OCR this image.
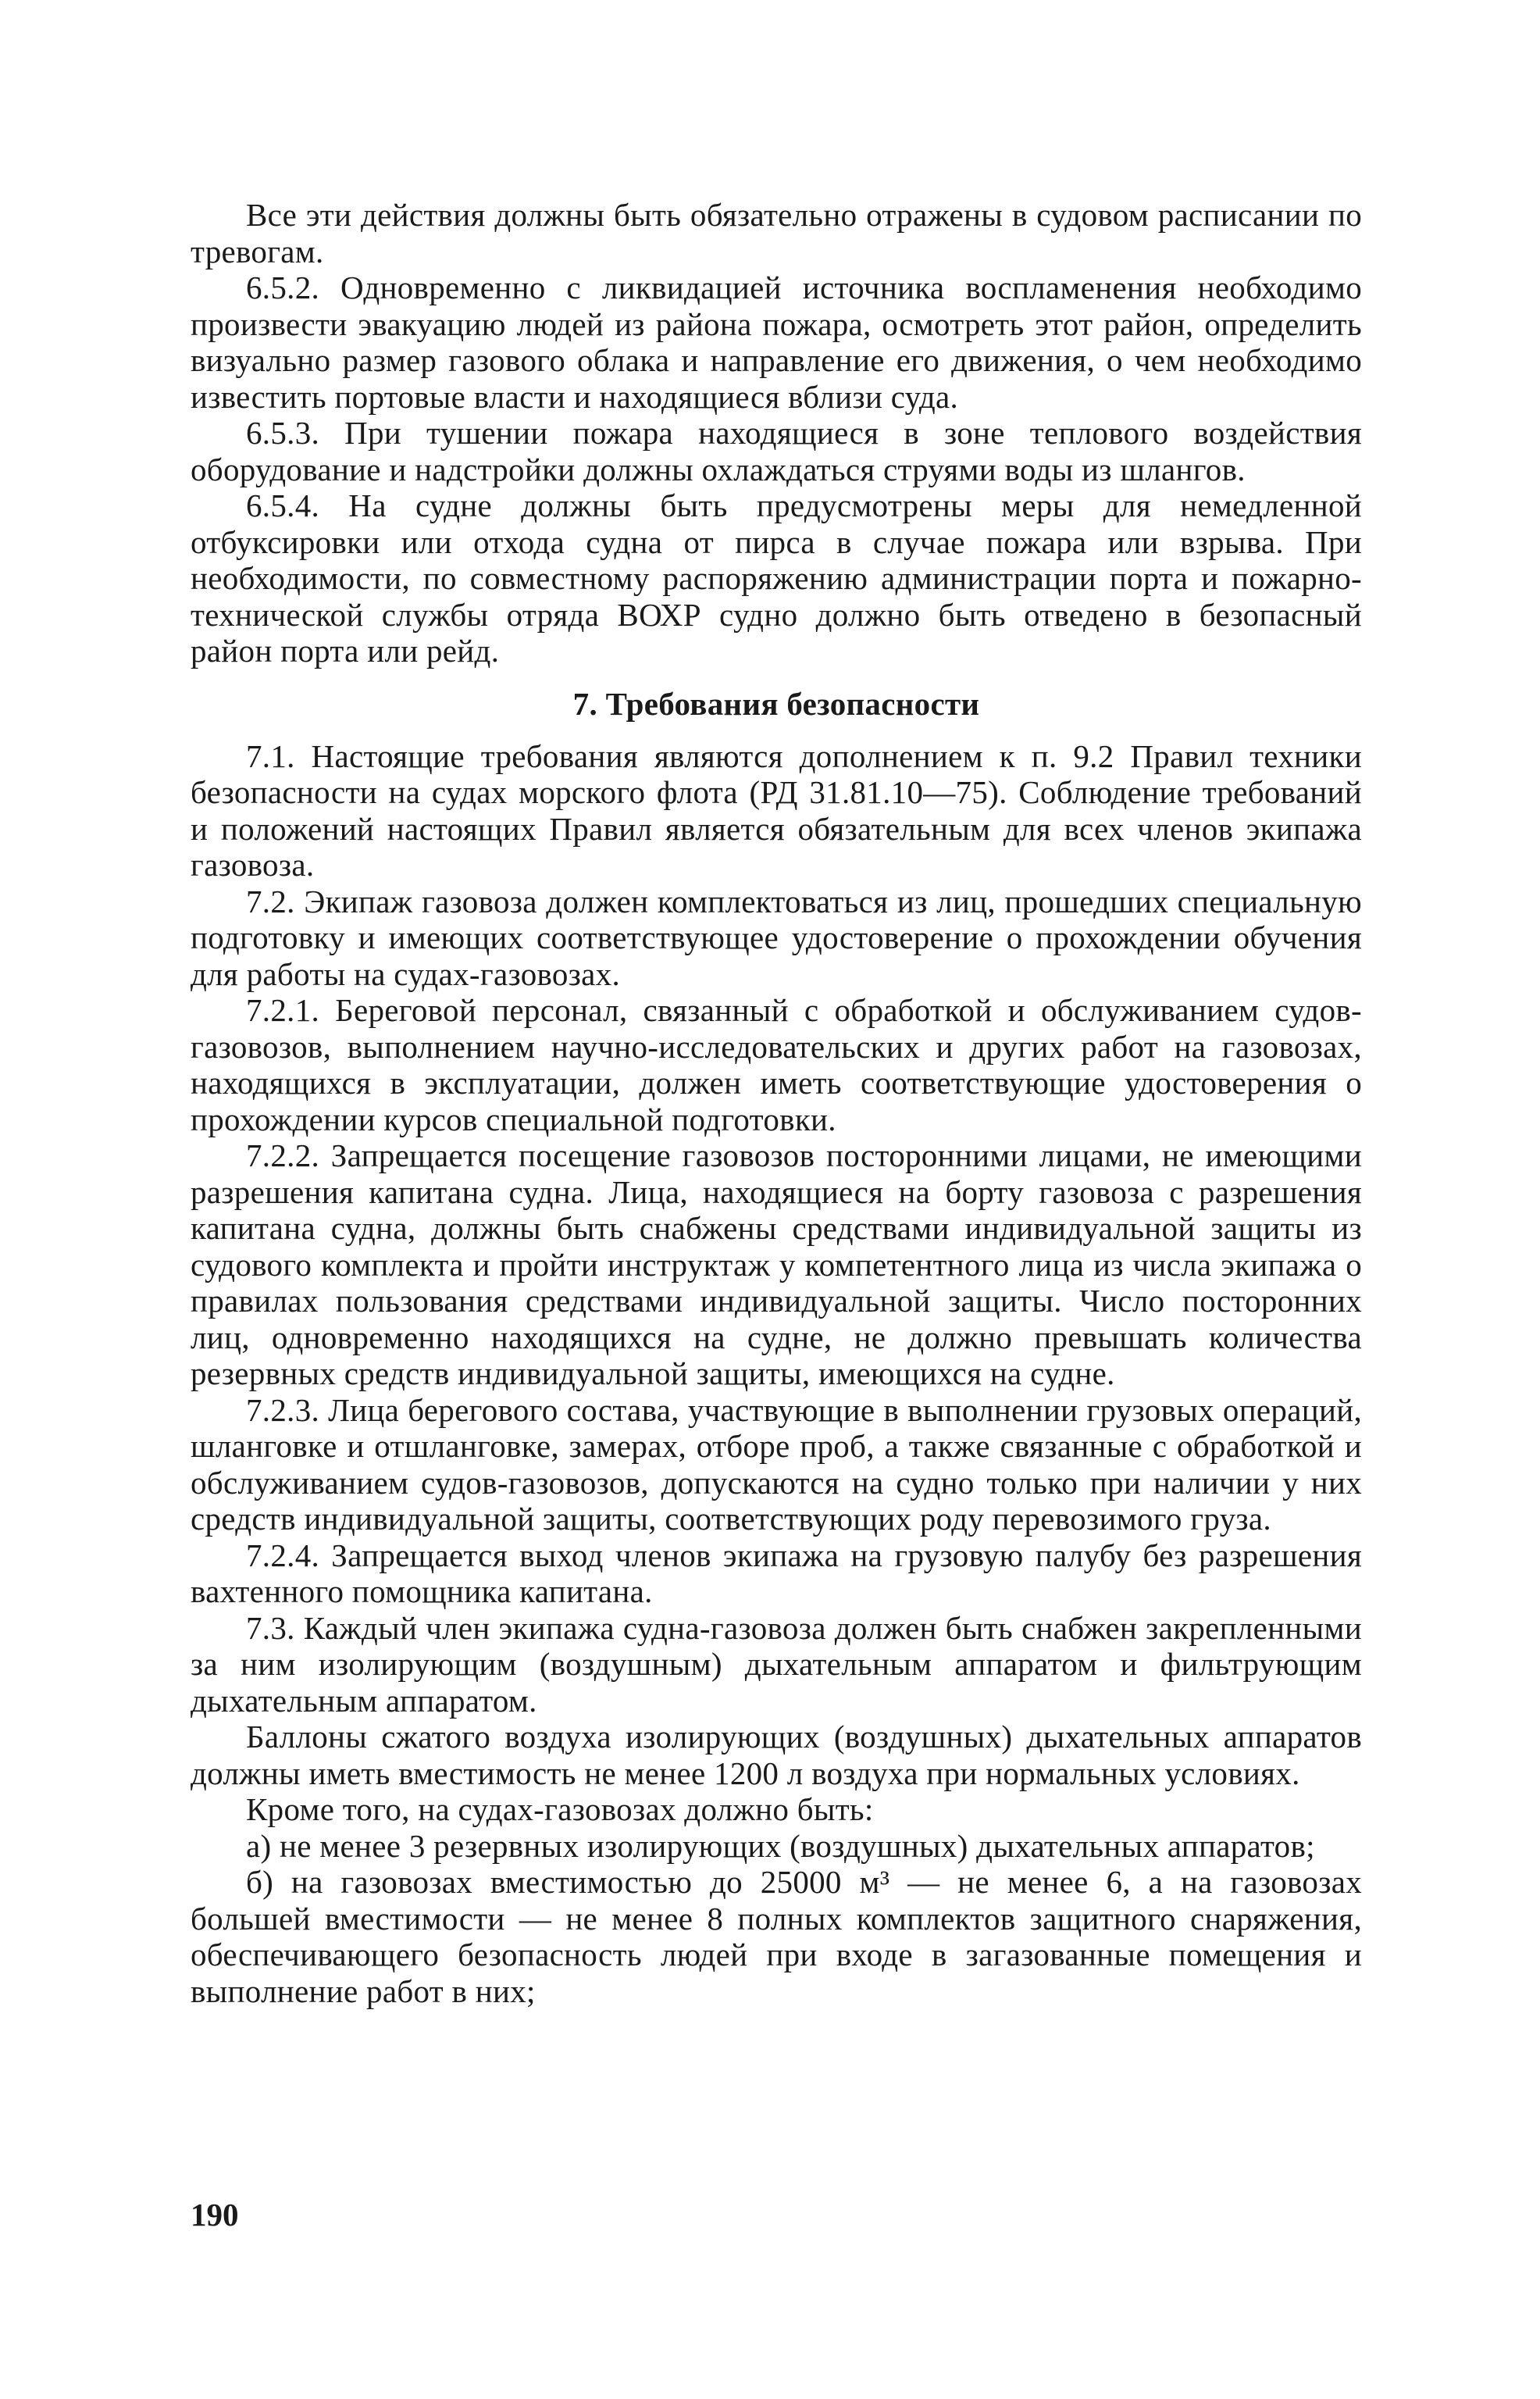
Все эти действия должны быть обязательно отражены в судовом расписании по тревогам.

6.5.2. Одновременно с ликвидацией источника воспламенения необходимо произвести эвакуацию людей из района пожара, осмотреть этот район, определить визуально размер газового облака и направление его движения, о чем необходимо известить портовые власти и находящиеся вблизи суда.

6.5.3. При тушении пожара находящиеся в зоне теплового воздействия оборудование и надстройки должны охлаждаться струями воды из шлангов.

6.5.4. На судне должны быть предусмотрены меры для немедленной отбуксировки или отхода судна от пирса в случае пожара или взрыва. При необходимости, по совместному распоряжению администрации порта и пожарно-технической службы отряда ВОХР судно должно быть отведено в безопасный район порта или рейд.

7. Требования безопасности

7.1. Настоящие требования являются дополнением к п. 9.2 Правил техники безопасности на судах морского флота (РД 31.81.10—75). Соблюдение требований и положений настоящих Правил является обязательным для всех членов экипажа газовоза.

7.2. Экипаж газовоза должен комплектоваться из лиц, прошедших специальную подготовку и имеющих соответствующее удостоверение о прохождении обучения для работы на судах-газовозах.

7.2.1. Береговой персонал, связанный с обработкой и обслуживанием судов-газовозов, выполнением научно-исследовательских и других работ на газовозах, находящихся в эксплуатации, должен иметь соответствующие удостоверения о прохождении курсов специальной подготовки.

7.2.2. Запрещается посещение газовозов посторонними лицами, не имеющими разрешения капитана судна. Лица, находящиеся на борту газовоза с разрешения капитана судна, должны быть снабжены средствами индивидуальной защиты из судового комплекта и пройти инструктаж у компетентного лица из числа экипажа о правилах пользования средствами индивидуальной защиты. Число посторонних лиц, одновременно находящихся на судне, не должно превышать количества резервных средств индивидуальной защиты, имеющихся на судне.

7.2.3. Лица берегового состава, участвующие в выполнении грузовых операций, шланговке и отшланговке, замерах, отборе проб, а также связанные с обработкой и обслуживанием судов-газовозов, допускаются на судно только при наличии у них средств индивидуальной защиты, соответствующих роду перевозимого груза.

7.2.4. Запрещается выход членов экипажа на грузовую палубу без разрешения вахтенного помощника капитана.

7.3. Каждый член экипажа судна-газовоза должен быть снабжен закрепленными за ним изолирующим (воздушным) дыхательным аппаратом и фильтрующим дыхательным аппаратом.

Баллоны сжатого воздуха изолирующих (воздушных) дыхательных аппаратов должны иметь вместимость не менее 1200 л воздуха при нормальных условиях.

Кроме того, на судах-газовозах должно быть:

а) не менее 3 резервных изолирующих (воздушных) дыхательных аппаратов;

б) на газовозах вместимостью до 25000 м³ — не менее 6, а на газовозах большей вместимости — не менее 8 полных комплектов защитного снаряжения, обеспечивающего безопасность людей при входе в загазованные помещения и выполнение работ в них;

190
